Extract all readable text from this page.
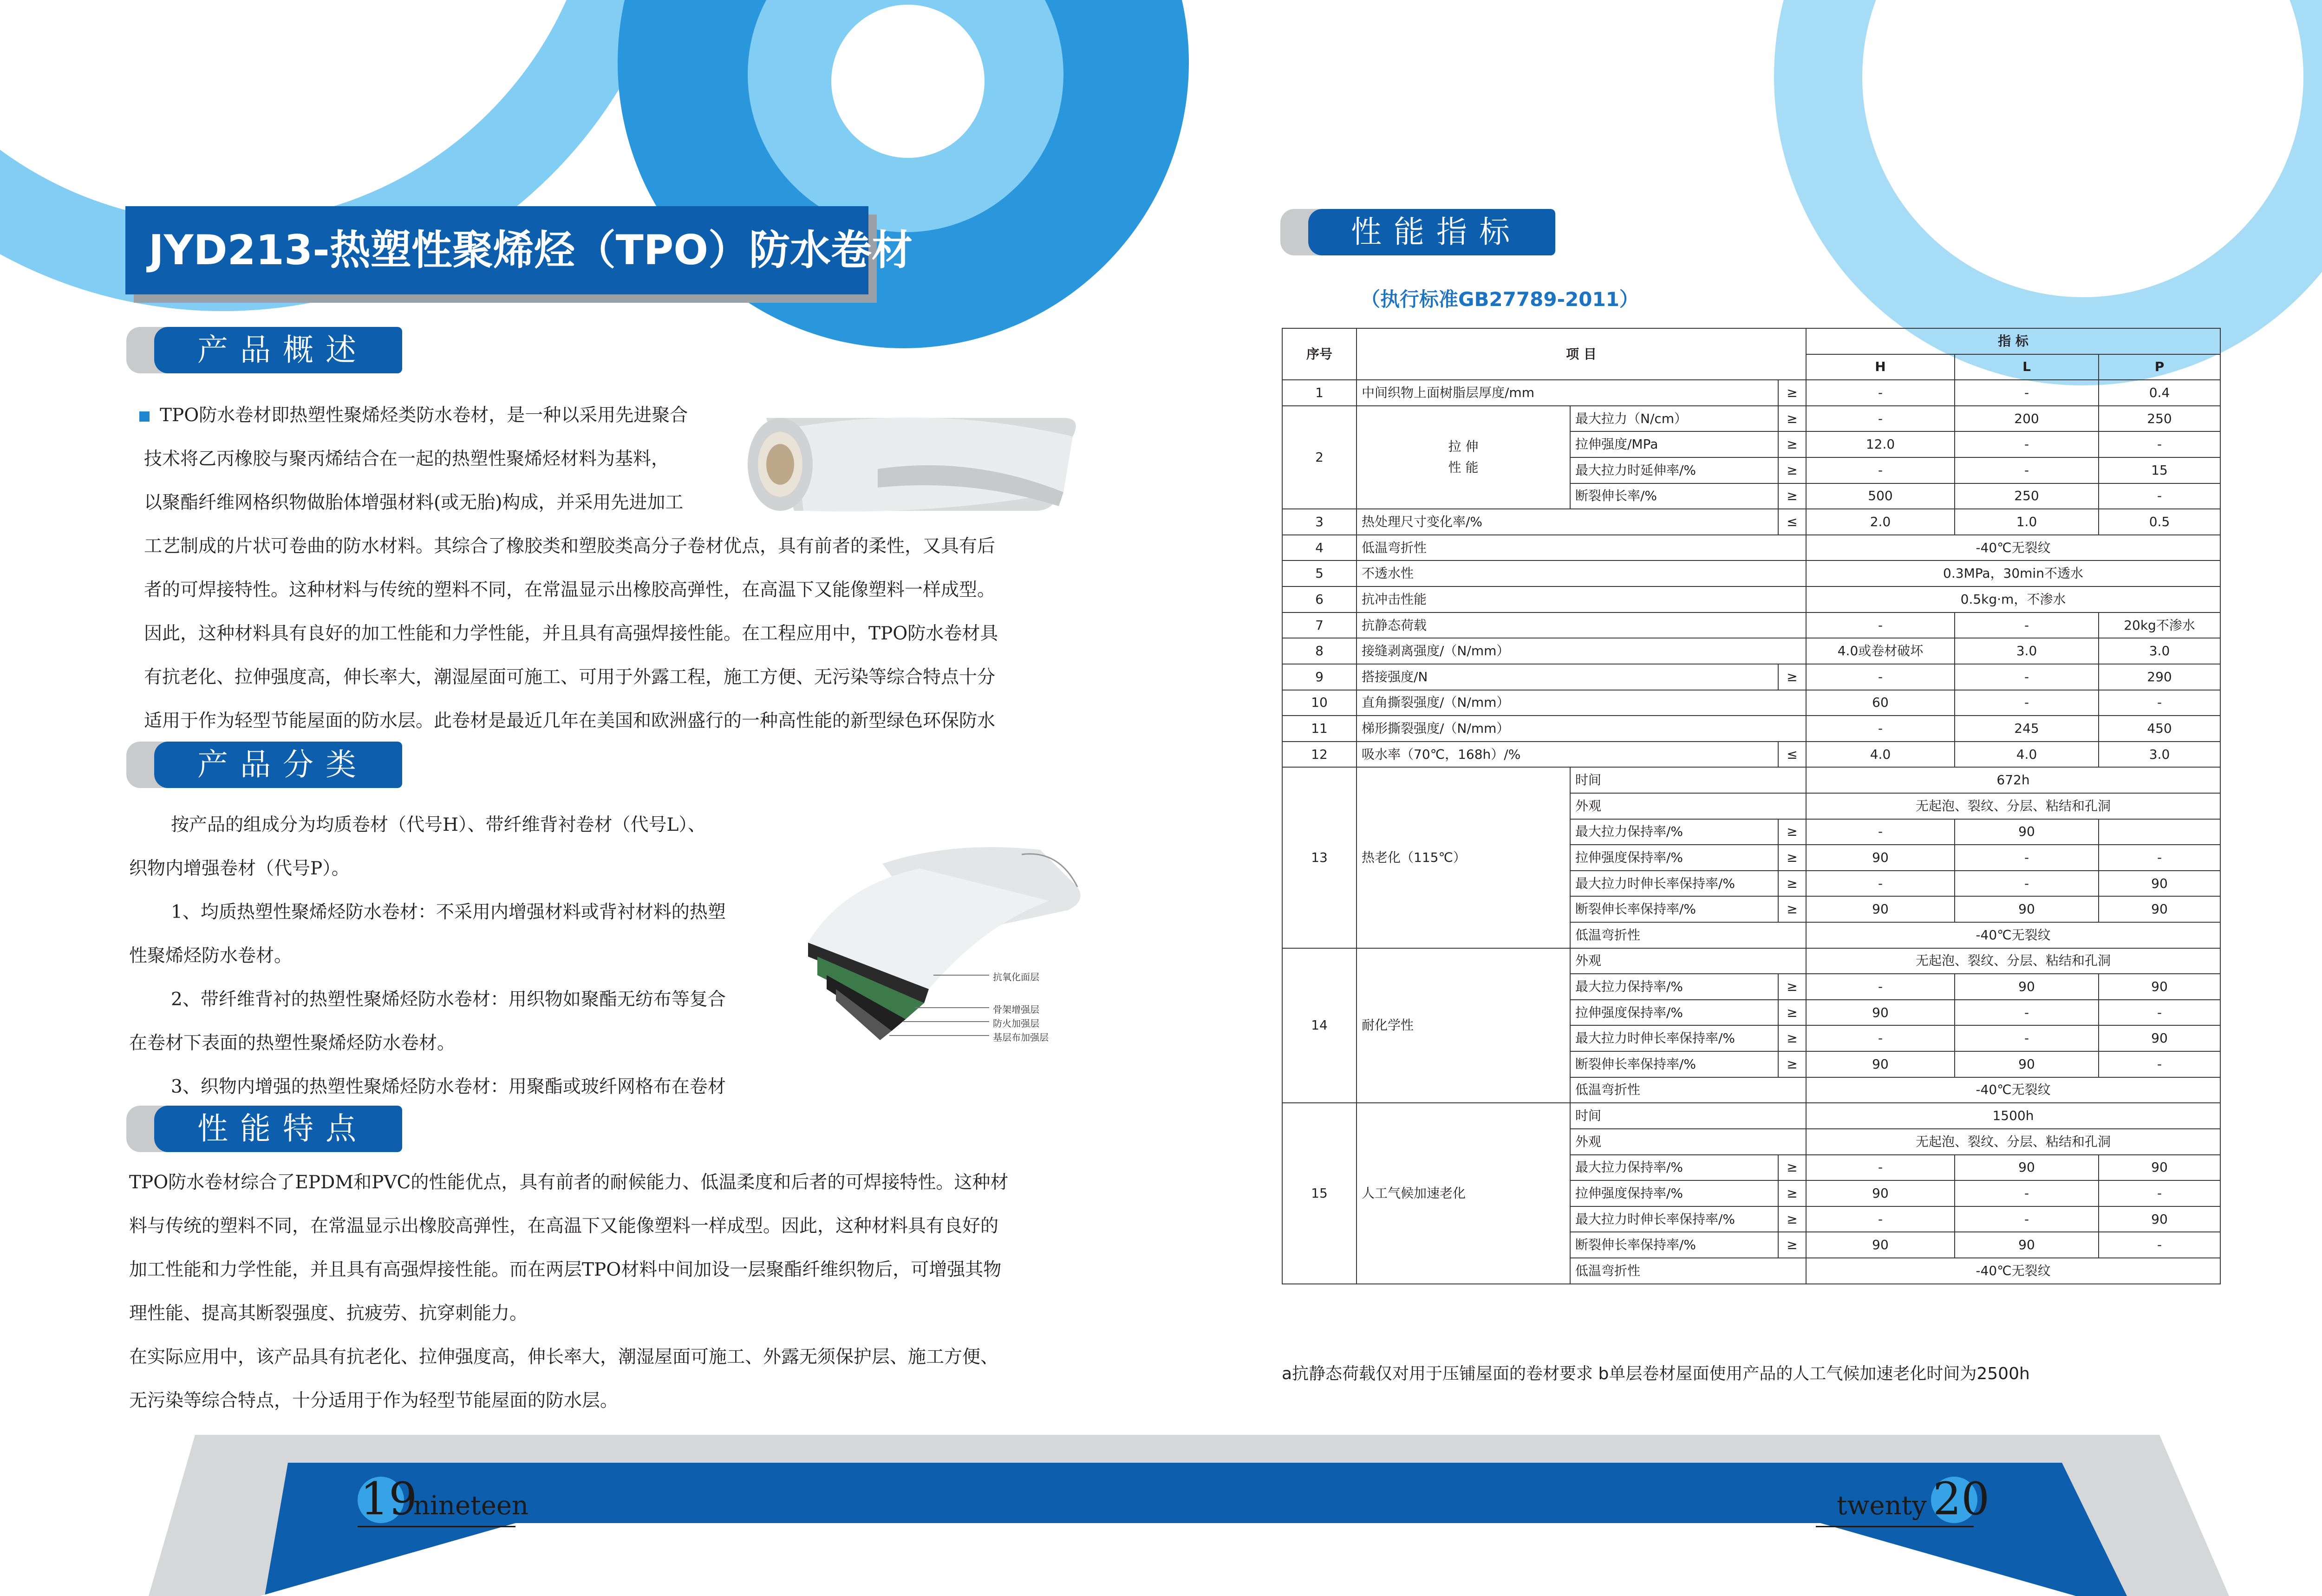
JYD213-热塑性聚烯烃（TPO）防水卷材
产品概述

TPO防水卷材即热塑性聚烯烃类防水卷材，是一种以采用先进聚合

技术将乙丙橡胶与聚丙烯结合在一起的热塑性聚烯烃材料为基料，

以聚酯纤维网格织物做胎体增强材料(或无胎)构成，并采用先进加工

工艺制成的片状可卷曲的防水材料。其综合了橡胶类和塑胶类高分子卷材优点，具有前者的柔性，又具有后

者的可焊接特性。这种材料与传统的塑料不同，在常温显示出橡胶高弹性，在高温下又能像塑料一样成型。

因此，这种材料具有良好的加工性能和力学性能，并且具有高强焊接性能。在工程应用中，TPO防水卷材具

有抗老化、拉伸强度高，伸长率大，潮湿屋面可施工、可用于外露工程，施工方便、无污染等综合特点十分

适用于作为轻型节能屋面的防水层。此卷材是最近几年在美国和欧洲盛行的一种高性能的新型绿色环保防水

产品分类

按产品的组成分为均质卷材（代号H）、带纤维背衬卷材（代号L）、

织物内增强卷材（代号P）。

1、均质热塑性聚烯烃防水卷材：不采用内增强材料或背衬材料的热塑

性聚烯烃防水卷材。

2、带纤维背衬的热塑性聚烯烃防水卷材：用织物如聚酯无纺布等复合

在卷材下表面的热塑性聚烯烃防水卷材。

3、织物内增强的热塑性聚烯烃防水卷材：用聚酯或玻纤网格布在卷材

抗氧化面层
骨架增强层
防火加强层
基层布加强层
性能特点

TPO防水卷材综合了EPDM和PVC的性能优点，具有前者的耐候能力、低温柔度和后者的可焊接特性。这种材

料与传统的塑料不同，在常温显示出橡胶高弹性，在高温下又能像塑料一样成型。因此，这种材料具有良好的

加工性能和力学性能，并且具有高强焊接性能。而在两层TPO材料中间加设一层聚酯纤维织物后，可增强其物

理性能、提高其断裂强度、抗疲劳、抗穿刺能力。

在实际应用中，该产品具有抗老化、拉伸强度高，伸长率大，潮湿屋面可施工、外露无须保护层、施工方便、

无污染等综合特点，十分适用于作为轻型节能屋面的防水层。

性能指标
（执行标准GB27789-2011）
序号	项 目			指 标		
				H	L	P
1	中间织物上面树脂层厚度/mm		≥	-	-	0.4
2	拉 伸
性 能	最大拉力（N/cm）	≥	-	200	250
		拉伸强度/MPa	≥	12.0	-	-
		最大拉力时延伸率/%	≥	-	-	15
		断裂伸长率/%	≥	500	250	-
3	热处理尺寸变化率/%		≤	2.0	1.0	0.5
4	低温弯折性			-40℃无裂纹		
5	不透水性			0.3MPa，30min不透水		
6	抗冲击性能			0.5kg·m，不渗水		
7	抗静态荷载			-	-	20kg不渗水
8	接缝剥离强度/（N/mm）			4.0或卷材破坏	3.0	3.0
9	搭接强度/N		≥	-	-	290
10	直角撕裂强度/（N/mm）			60	-	-
11	梯形撕裂强度/（N/mm）			-	245	450
12	吸水率（70℃，168h）/%		≤	4.0	4.0	3.0
13	热老化（115℃）	时间		672h		
		外观		无起泡、裂纹、分层、粘结和孔洞		
		最大拉力保持率/%	≥	-	90	
		拉伸强度保持率/%	≥	90	-	-
		最大拉力时伸长率保持率/%	≥	-	-	90
		断裂伸长率保持率/%	≥	90	90	90
		低温弯折性		-40℃无裂纹		
14	耐化学性	外观		无起泡、裂纹、分层、粘结和孔洞		
		最大拉力保持率/%	≥	-	90	90
		拉伸强度保持率/%	≥	90	-	-
		最大拉力时伸长率保持率/%	≥	-	-	90
		断裂伸长率保持率/%	≥	90	90	-
		低温弯折性		-40℃无裂纹		
15	人工气候加速老化	时间		1500h		
		外观		无起泡、裂纹、分层、粘结和孔洞		
		最大拉力保持率/%	≥	-	90	90
		拉伸强度保持率/%	≥	90	-	-
		最大拉力时伸长率保持率/%	≥	-	-	90
		断裂伸长率保持率/%	≥	90	90	-
		低温弯折性		-40℃无裂纹		
a抗静态荷载仅对用于压铺屋面的卷材要求 b单层卷材屋面使用产品的人工气候加速老化时间为2500h
19
nineteen	twenty 20
